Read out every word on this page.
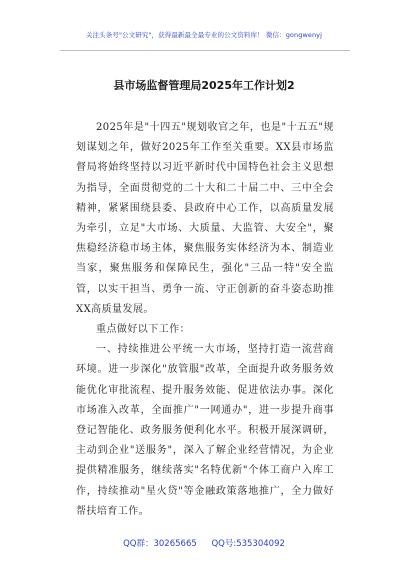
关注头条号"公文研究"，获得最新最全最专业的公文资料库！ 微信：gongwenyj
县市场监督管理局2025年工作计划2

2025年是"十四五"规划收官之年，也是"十五五"规划谋划之年，做好2025年工作至关重要。XX县市场监督局将始终坚持以习近平新时代中国特色社会主义思想为指导，全面贯彻党的二十大和二十届二中、三中全会精神，紧紧围绕县委、县政府中心工作，以高质量发展为牵引，立足"大市场、大质量、大监管、大安全"，聚焦稳经济稳市场主体，聚焦服务实体经济为本、制造业当家，聚焦服务和保障民生，强化"三品一特"安全监管，以实干担当、勇争一流、守正创新的奋斗姿态助推XX高质量发展。

重点做好以下工作：

一、持续推进公平统一大市场，坚持打造一流营商环境。进一步深化"放管服"改革，全面提升政务服务效能优化审批流程、提升服务效能、促进依法办事。深化市场准入改革，全面推广"一网通办"，进一步提升商事登记智能化、政务服务便利化水平。积极开展深调研，主动到企业"送服务"，深入了解企业经营情况，为企业提供精准服务，继续落实"名特优新"个体工商户入库工作，持续推动"星火贷"等金融政策落地推广，全力做好帮扶培育工作。

QQ群：30265665 QQ号:535304092
